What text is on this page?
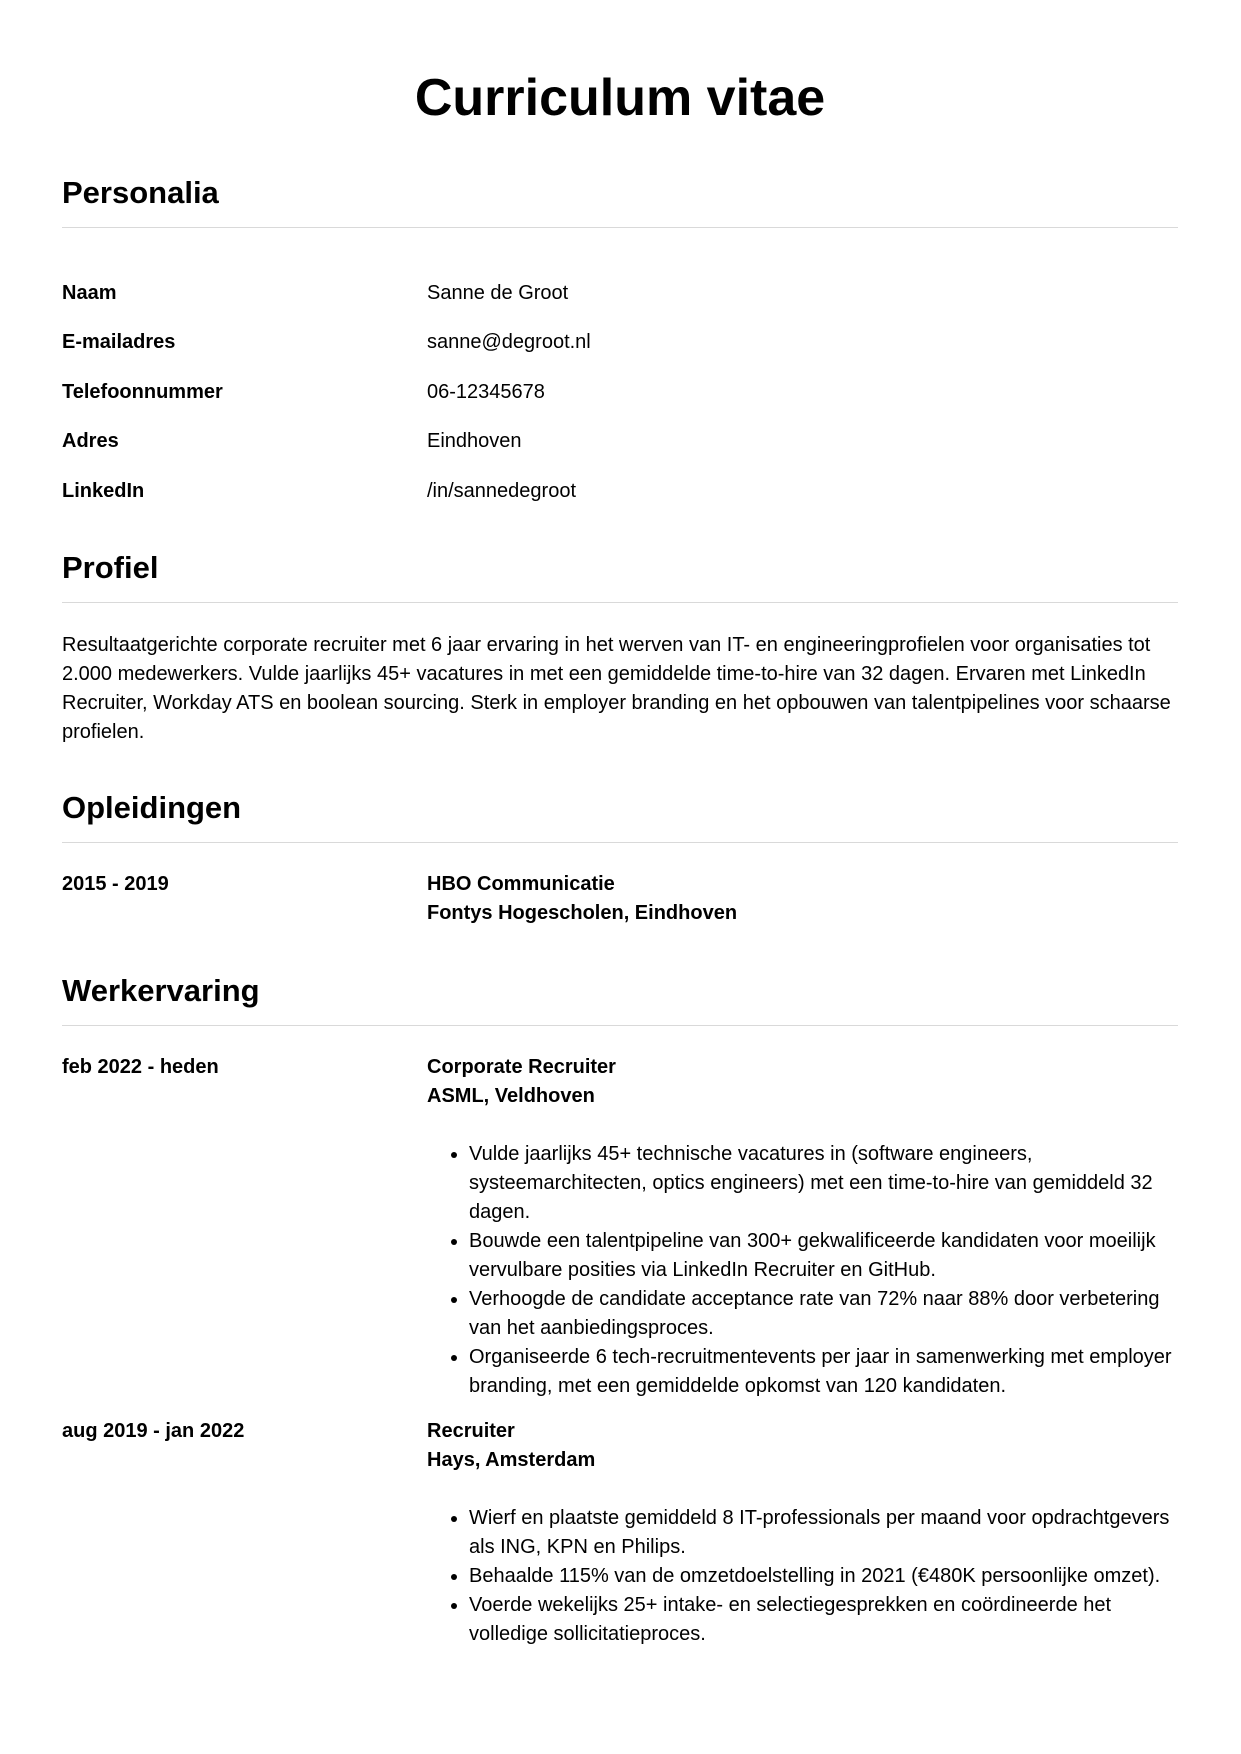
Curriculum vitae
Personalia
Naam	Sanne de Groot
E-mailadres	sanne@degroot.nl
Telefoonnummer	06-12345678
Adres	Eindhoven
LinkedIn	/in/sannedegroot
Profiel
Resultaatgerichte corporate recruiter met 6 jaar ervaring in het werven van IT- en engineeringprofielen voor organisaties tot 2.000 medewerkers. Vulde jaarlijks 45+ vacatures in met een gemiddelde time-to-hire van 32 dagen. Ervaren met LinkedIn Recruiter, Workday ATS en boolean sourcing. Sterk in employer branding en het opbouwen van talentpipelines voor schaarse profielen.
Opleidingen
2015 - 2019	HBO Communicatie
Fontys Hogescholen, Eindhoven
Werkervaring
feb 2022 - heden	Corporate Recruiter
ASML, Veldhoven
• Vulde jaarlijks 45+ technische vacatures in (software engineers, systeemarchitecten, optics engineers) met een time-to-hire van gemiddeld 32 dagen.
• Bouwde een talentpipeline van 300+ gekwalificeerde kandidaten voor moeilijk vervulbare posities via LinkedIn Recruiter en GitHub.
• Verhoogde de candidate acceptance rate van 72% naar 88% door verbetering van het aanbiedingsproces.
• Organiseerde 6 tech-recruitmentevents per jaar in samenwerking met employer branding, met een gemiddelde opkomst van 120 kandidaten.
aug 2019 - jan 2022	Recruiter
Hays, Amsterdam
• Wierf en plaatste gemiddeld 8 IT-professionals per maand voor opdrachtgevers als ING, KPN en Philips.
• Behaalde 115% van de omzetdoelstelling in 2021 (€480K persoonlijke omzet).
• Voerde wekelijks 25+ intake- en selectiegesprekken en coördineerde het volledige sollicitatieproces.
